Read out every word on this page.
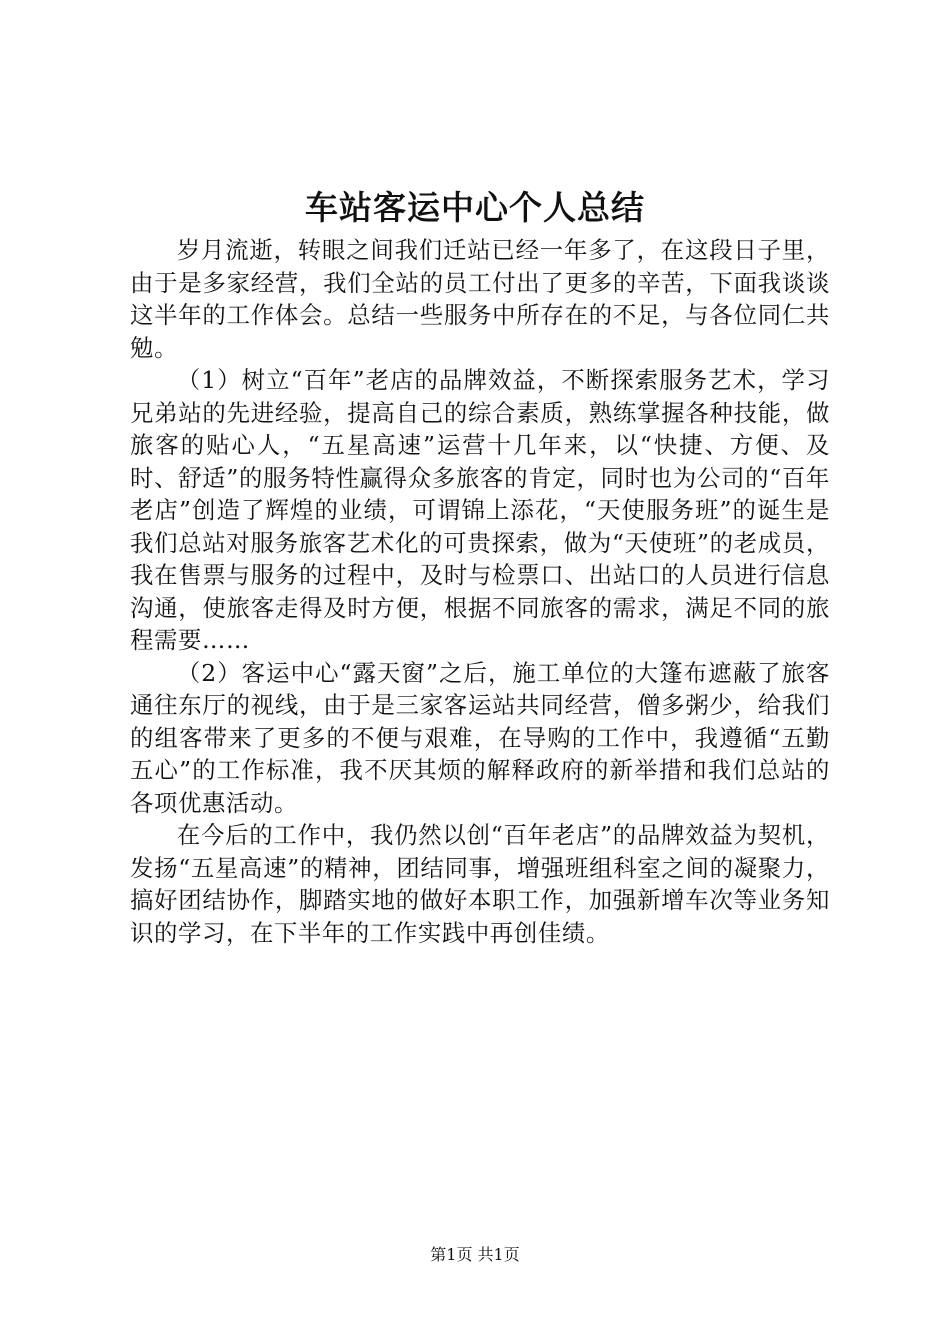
车站客运中心个人总结

岁月流逝，转眼之间我们迁站已经一年多了，在这段日子里，由于是多家经营，我们全站的员工付出了更多的辛苦，下面我谈谈这半年的工作体会。总结一些服务中所存在的不足，与各位同仁共勉。

（1）树立“百年”老店的品牌效益，不断探索服务艺术，学习兄弟站的先进经验，提高自己的综合素质，熟练掌握各种技能，做旅客的贴心人，“五星高速”运营十几年来，以“快捷、方便、及时、舒适”的服务特性赢得众多旅客的肯定，同时也为公司的“百年老店”创造了辉煌的业绩，可谓锦上添花，“天使服务班”的诞生是我们总站对服务旅客艺术化的可贵探索，做为“天使班”的老成员，我在售票与服务的过程中，及时与检票口、出站口的人员进行信息沟通，使旅客走得及时方便，根据不同旅客的需求，满足不同的旅程需要……

（2）客运中心“露天窗”之后，施工单位的大篷布遮蔽了旅客通往东厅的视线，由于是三家客运站共同经营，僧多粥少，给我们的组客带来了更多的不便与艰难，在导购的工作中，我遵循“五勤五心”的工作标准，我不厌其烦的解释政府的新举措和我们总站的各项优惠活动。

在今后的工作中，我仍然以创“百年老店”的品牌效益为契机，发扬“五星高速”的精神，团结同事，增强班组科室之间的凝聚力，搞好团结协作，脚踏实地的做好本职工作，加强新增车次等业务知识的学习，在下半年的工作实践中再创佳绩。

第1页 共1页
